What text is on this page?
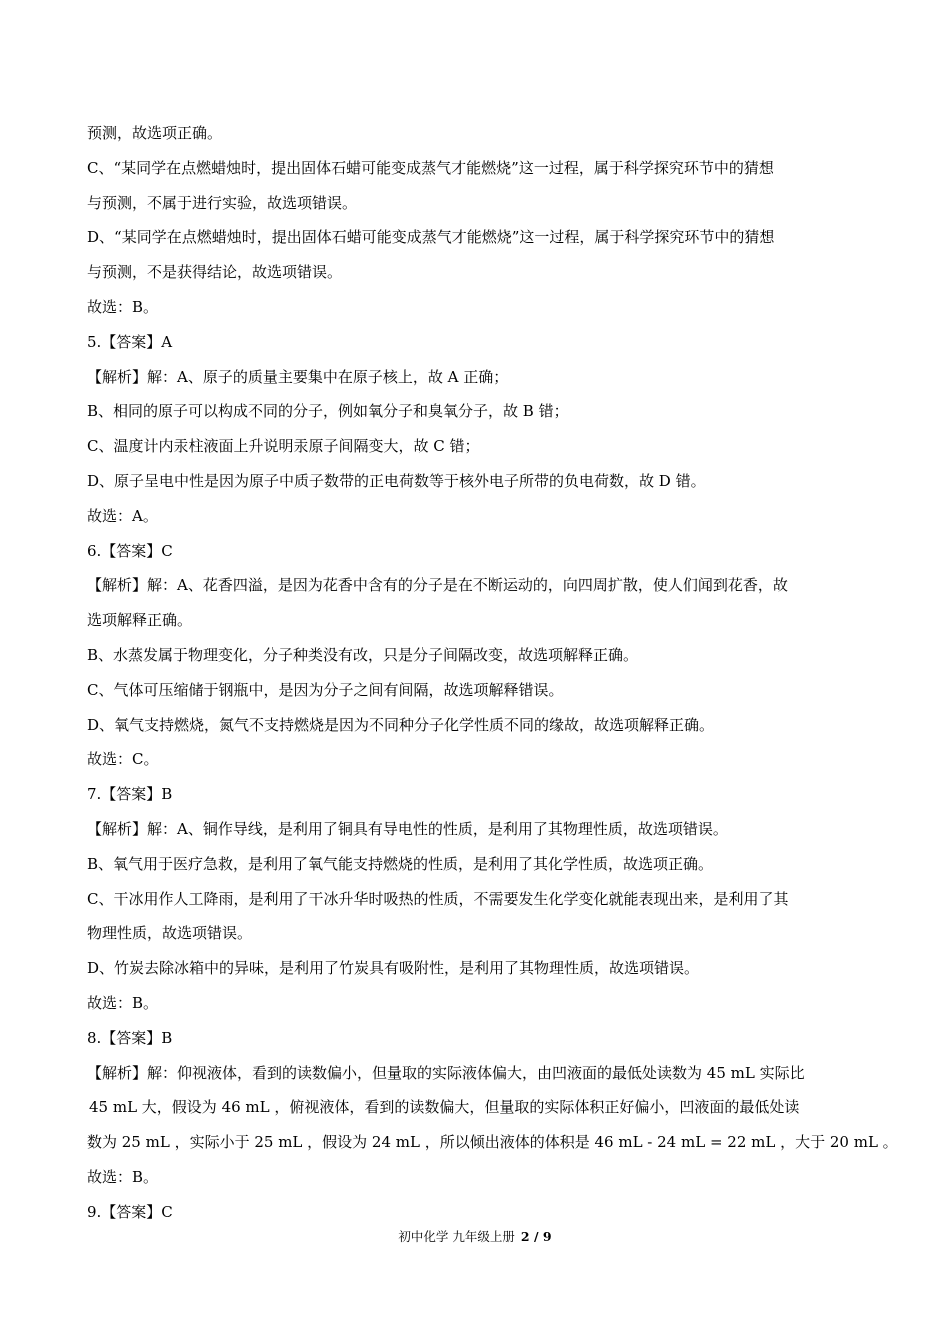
预测，故选项正确。
C、“某同学在点燃蜡烛时，提出固体石蜡可能变成蒸气才能燃烧”这一过程，属于科学探究环节中的猜想
与预测，不属于进行实验，故选项错误。
D、“某同学在点燃蜡烛时，提出固体石蜡可能变成蒸气才能燃烧”这一过程，属于科学探究环节中的猜想
与预测，不是获得结论，故选项错误。
故选：B。
5.【答案】A
【解析】解：A、原子的质量主要集中在原子核上，故 A 正确；
B、相同的原子可以构成不同的分子，例如氧分子和臭氧分子，故 B 错；
C、温度计内汞柱液面上升说明汞原子间隔变大，故 C 错；
D、原子呈电中性是因为原子中质子数带的正电荷数等于核外电子所带的负电荷数，故 D 错。
故选：A。
6.【答案】C
【解析】解：A、花香四溢，是因为花香中含有的分子是在不断运动的，向四周扩散，使人们闻到花香，故
选项解释正确。
B、水蒸发属于物理变化，分子种类没有改，只是分子间隔改变，故选项解释正确。
C、气体可压缩储于钢瓶中，是因为分子之间有间隔，故选项解释错误。
D、氧气支持燃烧，氮气不支持燃烧是因为不同种分子化学性质不同的缘故，故选项解释正确。
故选：C。
7.【答案】B
【解析】解：A、铜作导线，是利用了铜具有导电性的性质，是利用了其物理性质，故选项错误。
B、氧气用于医疗急救，是利用了氧气能支持燃烧的性质，是利用了其化学性质，故选项正确。
C、干冰用作人工降雨，是利用了干冰升华时吸热的性质，不需要发生化学变化就能表现出来，是利用了其
物理性质，故选项错误。
D、竹炭去除冰箱中的异味，是利用了竹炭具有吸附性，是利用了其物理性质，故选项错误。
故选：B。
8.【答案】B
【解析】解：仰视液体，看到的读数偏小，但量取的实际液体偏大，由凹液面的最低处读数为 45 mL 实际比
45 mL 大，假设为 46 mL ，俯视液体，看到的读数偏大，但量取的实际体积正好偏小，凹液面的最低处读
数为 25 mL ，实际小于 25 mL ，假设为 24 mL ，所以倾出液体的体积是 46 mL - 24 mL = 22 mL ，大于 20 mL 。
故选：B。
9.【答案】C
初中化学 九年级上册 2 / 9
